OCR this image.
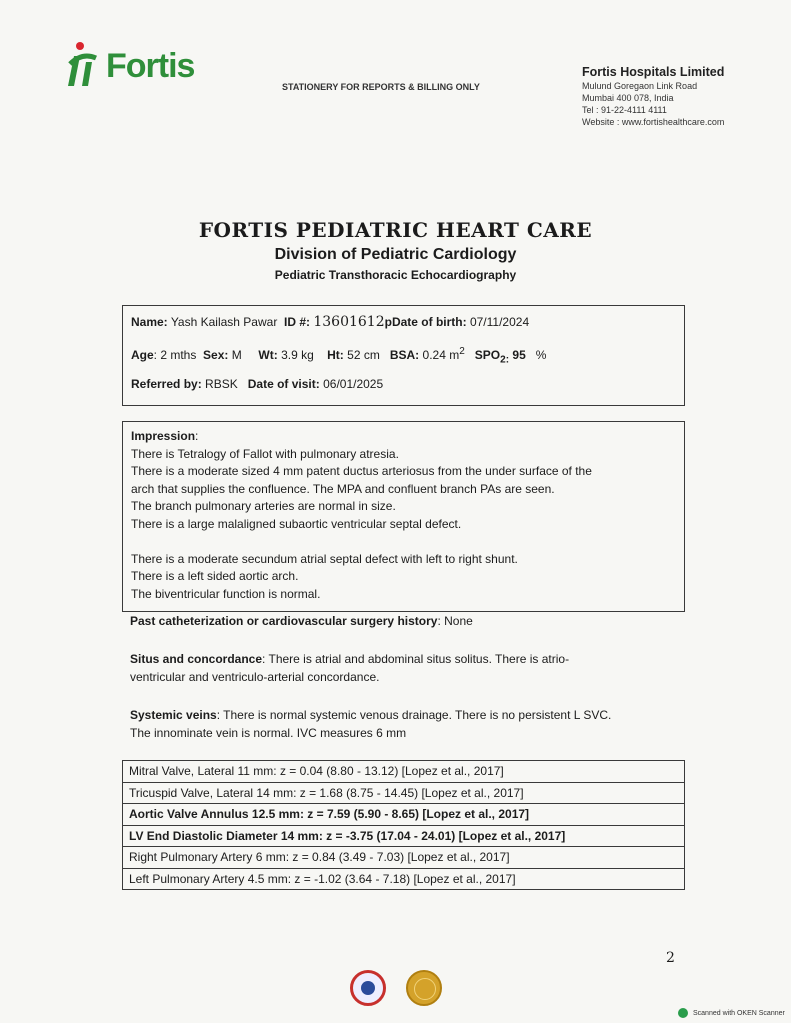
Fortis
STATIONERY FOR REPORTS & BILLING ONLY
Fortis Hospitals Limited
Mulund Goregaon Link Road
Mumbai 400 078, India
Tel : 91-22-4111 4111
Website : www.fortishealthcare.com
FORTIS PEDIATRIC HEART CARE
Division of Pediatric Cardiology
Pediatric Transthoracic Echocardiography
Name: Yash Kailash Pawar ID #: 13601612pDate of birth: 07/11/2024
Age: 2 mths Sex: M Wt: 3.9 kg Ht: 52 cm BSA: 0.24 $m^2$ $SPO_{2:}$ 95 %
Referred by: RBSK Date of visit: 06/01/2025
Impression:
There is Tetralogy of Fallot with pulmonary atresia.
There is a moderate sized 4 mm patent ductus arteriosus from the under surface of the
arch that supplies the confluence. The MPA and confluent branch PAs are seen.
The branch pulmonary arteries are normal in size.
There is a large malaligned subaortic ventricular septal defect.
There is a moderate secundum atrial septal defect with left to right shunt.
There is a left sided aortic arch.
The biventricular function is normal.
Past catheterization or cardiovascular surgery history: None
Situs and concordance: There is atrial and abdominal situs solitus. There is atrio-
ventricular and ventriculo-arterial concordance.
Systemic veins: There is normal systemic venous drainage. There is no persistent L SVC.
The innominate vein is normal. IVC measures 6 mm
Mitral Valve, Lateral 11 mm: z = 0.04 (8.80 - 13.12) [Lopez et al., 2017]
Tricuspid Valve, Lateral 14 mm: z = 1.68 (8.75 - 14.45) [Lopez et al., 2017]
Aortic Valve Annulus 12.5 mm: z = 7.59 (5.90 - 8.65) [Lopez et al., 2017]
LV End Diastolic Diameter 14 mm: z = -3.75 (17.04 - 24.01) [Lopez et al., 2017]
Right Pulmonary Artery 6 mm: z = 0.84 (3.49 - 7.03) [Lopez et al., 2017]
Left Pulmonary Artery 4.5 mm: z = -1.02 (3.64 - 7.18) [Lopez et al., 2017]
2
Scanned with OKEN Scanner
